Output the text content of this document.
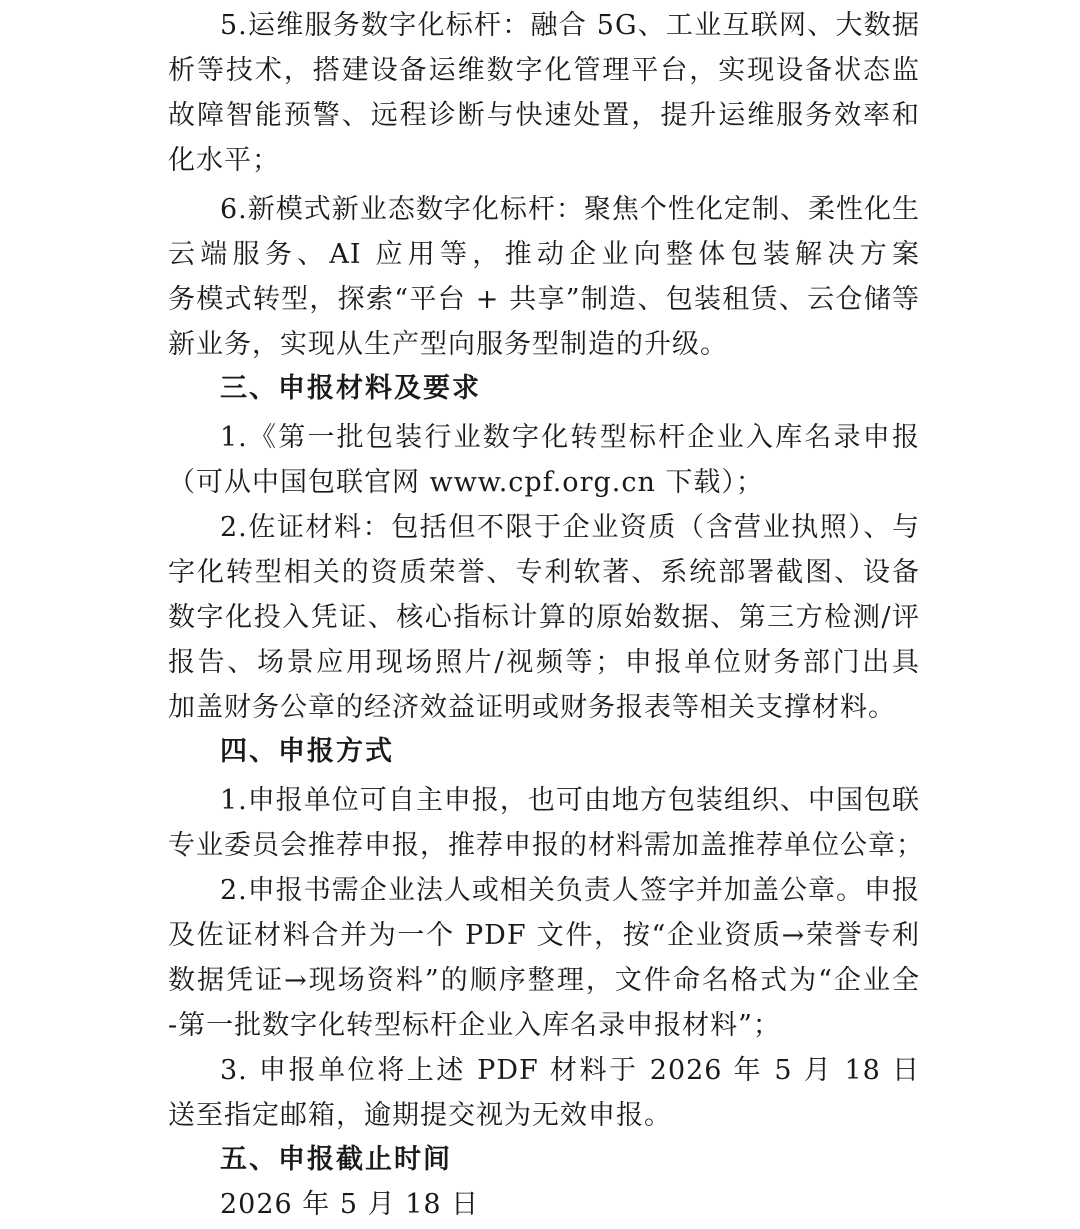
5.运维服务数字化标杆：融合 5G、工业互联网、大数据
析等技术，搭建设备运维数字化管理平台，实现设备状态监
故障智能预警、远程诊断与快速处置，提升运维服务效率和
化水平；
6.新模式新业态数字化标杆：聚焦个性化定制、柔性化生
云端服务、AI 应用等，推动企业向整体包装解决方案
务模式转型，探索“平台 + 共享”制造、包装租赁、云仓储等
新业务，实现从生产型向服务型制造的升级。
三、申报材料及要求
1.《第一批包装行业数字化转型标杆企业入库名录申报
（可从中国包联官网 www.cpf.org.cn 下载）；
2.佐证材料：包括但不限于企业资质（含营业执照）、与
字化转型相关的资质荣誉、专利软著、系统部署截图、设备
数字化投入凭证、核心指标计算的原始数据、第三方检测/评
报告、场景应用现场照片/视频等；申报单位财务部门出具
加盖财务公章的经济效益证明或财务报表等相关支撑材料。
四、申报方式
1.申报单位可自主申报，也可由地方包装组织、中国包联
专业委员会推荐申报，推荐申报的材料需加盖推荐单位公章；
2.申报书需企业法人或相关负责人签字并加盖公章。申报
及佐证材料合并为一个 PDF 文件，按“企业资质→荣誉专利
数据凭证→现场资料”的顺序整理，文件命名格式为“企业全
-第一批数字化转型标杆企业入库名录申报材料”；
3. 申报单位将上述 PDF 材料于 2026 年 5 月 18 日
送至指定邮箱，逾期提交视为无效申报。
五、申报截止时间
2026 年 5 月 18 日
